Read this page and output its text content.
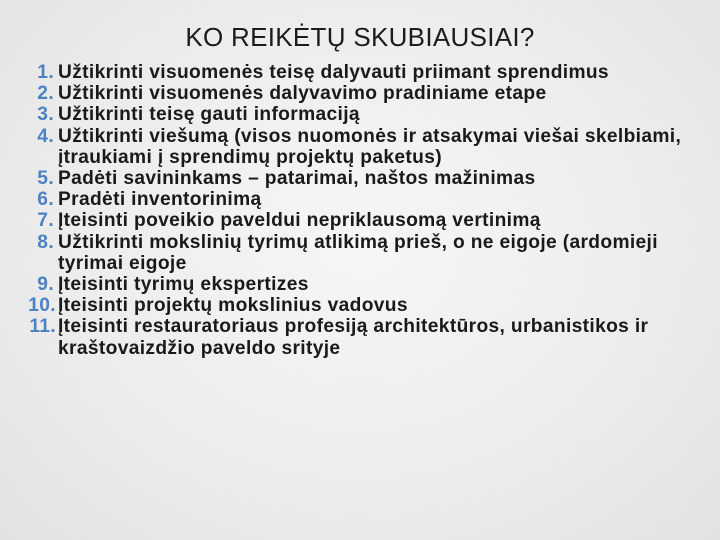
KO REIKĖTŲ SKUBIAUSIAI?
1. Užtikrinti visuomenės teisę dalyvauti priimant sprendimus
2. Užtikrinti visuomenės dalyvavimo pradiniame etape
3. Užtikrinti teisę gauti informaciją
4. Užtikrinti viešumą (visos nuomonės ir atsakymai viešai skelbiami, įtraukiami į sprendimų projektų paketus)
5. Padėti savininkams – patarimai, naštos mažinimas
6. Pradėti inventorinimą
7. Įteisinti poveikio paveldui nepriklausomą vertinimą
8. Užtikrinti mokslinių tyrimų atlikimą prieš, o ne eigoje (ardomieji tyrimai eigoje
9. Įteisinti tyrimų ekspertizes
10. Įteisinti projektų mokslinius vadovus
11. Įteisinti restauratoriaus profesiją architektūros, urbanistikos ir kraštovaizdžio paveldo srityje
